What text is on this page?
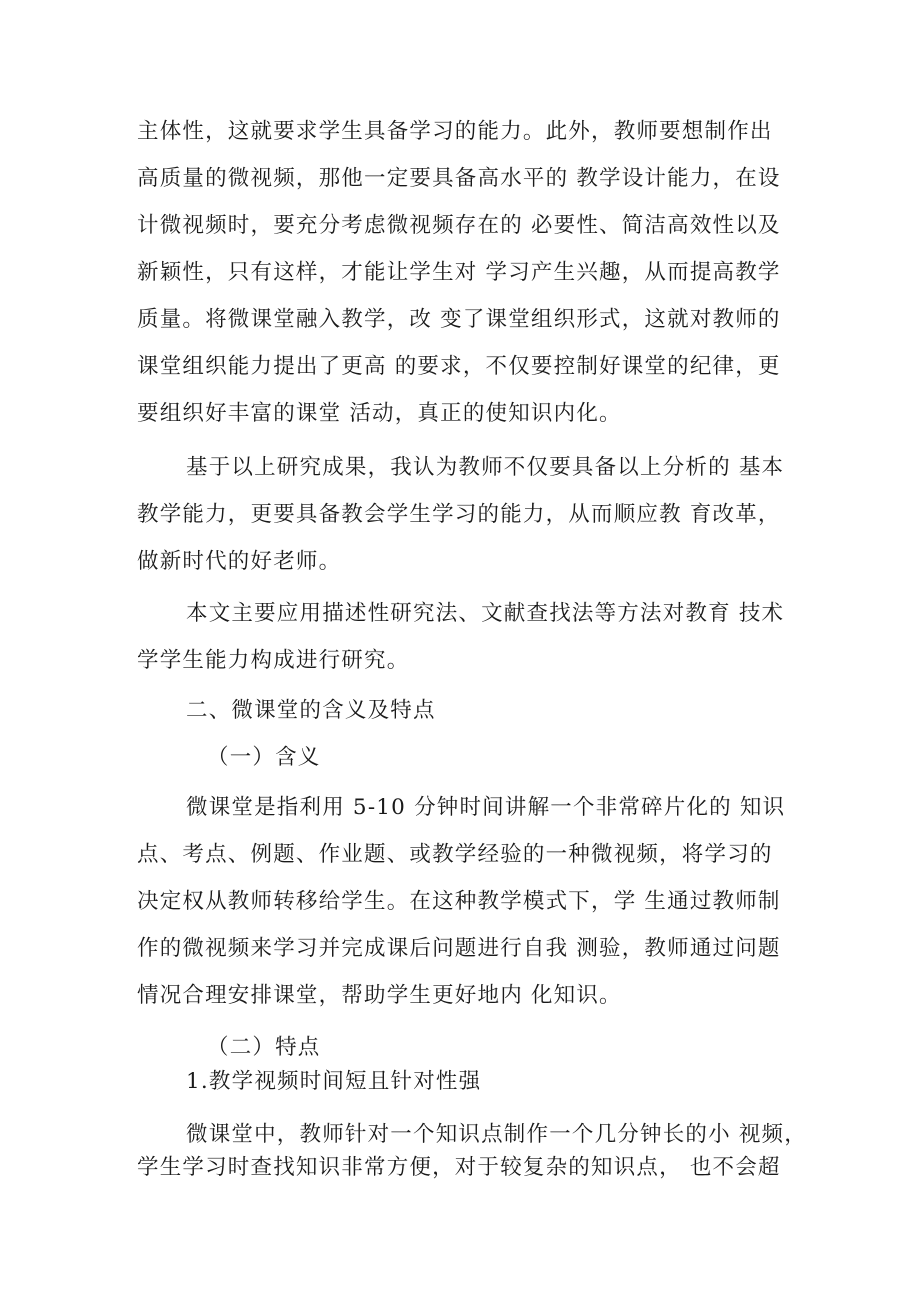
主体性，这就要求学生具备学习的能力。此外，教师要想制作出
高质量的微视频，那他一定要具备高水平的 教学设计能力，在设
计微视频时，要充分考虑微视频存在的 必要性、简洁高效性以及
新颖性，只有这样，才能让学生对 学习产生兴趣，从而提高教学
质量。将微课堂融入教学，改 变了课堂组织形式，这就对教师的
课堂组织能力提出了更高 的要求，不仅要控制好课堂的纪律，更
要组织好丰富的课堂 活动，真正的使知识内化。
基于以上研究成果，我认为教师不仅要具备以上分析的 基本
教学能力，更要具备教会学生学习的能力，从而顺应教 育改革，
做新时代的好老师。
本文主要应用描述性研究法、文献查找法等方法对教育 技术
学学生能力构成进行研究。
二、微课堂的含义及特点
（一）含义
微课堂是指利用 5-10 分钟时间讲解一个非常碎片化的 知识
点、考点、例题、作业题、或教学经验的一种微视频，将学习的
决定权从教师转移给学生。在这种教学模式下，学 生通过教师制
作的微视频来学习并完成课后问题进行自我 测验，教师通过问题
情况合理安排课堂，帮助学生更好地内 化知识。
（二）特点
1.教学视频时间短且针对性强
微课堂中，教师针对一个知识点制作一个几分钟长的小 视频，
学生学习时查找知识非常方便，对于较复杂的知识点， 也不会超
